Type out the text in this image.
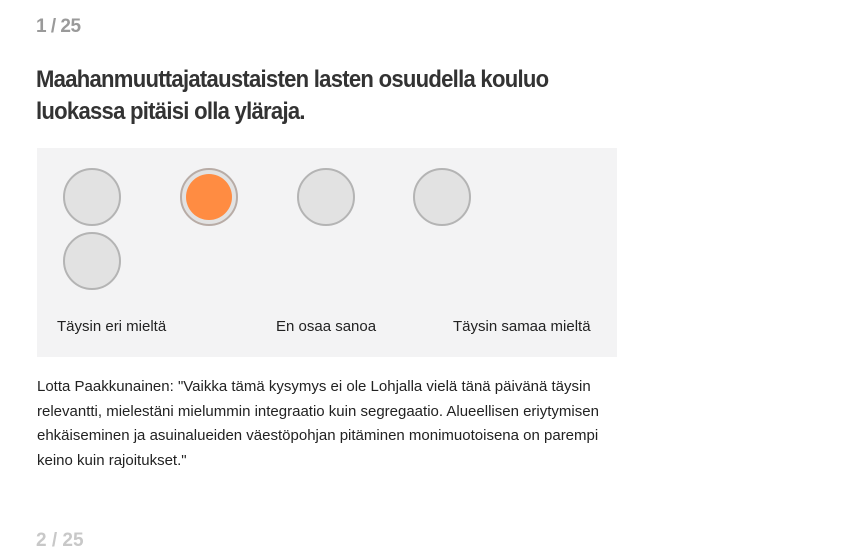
1 / 25
Maahanmuuttajataustaisten lasten osuudella kouluo luokassa pitäisi olla yläraja.
Täysin eri mieltä	En osaa sanoa	Täysin samaa mieltä

Lotta Paakkunainen: "Vaikka tämä kysymys ei ole Lohjalla vielä tänä päivänä täysin relevantti, mielestäni mielummin integraatio kuin segregaatio. Alueellisen eriytymisen ehkäiseminen ja asuinalueiden väestöpohjan pitäminen monimuotoisena on parempi keino kuin rajoitukset."

2 / 25
